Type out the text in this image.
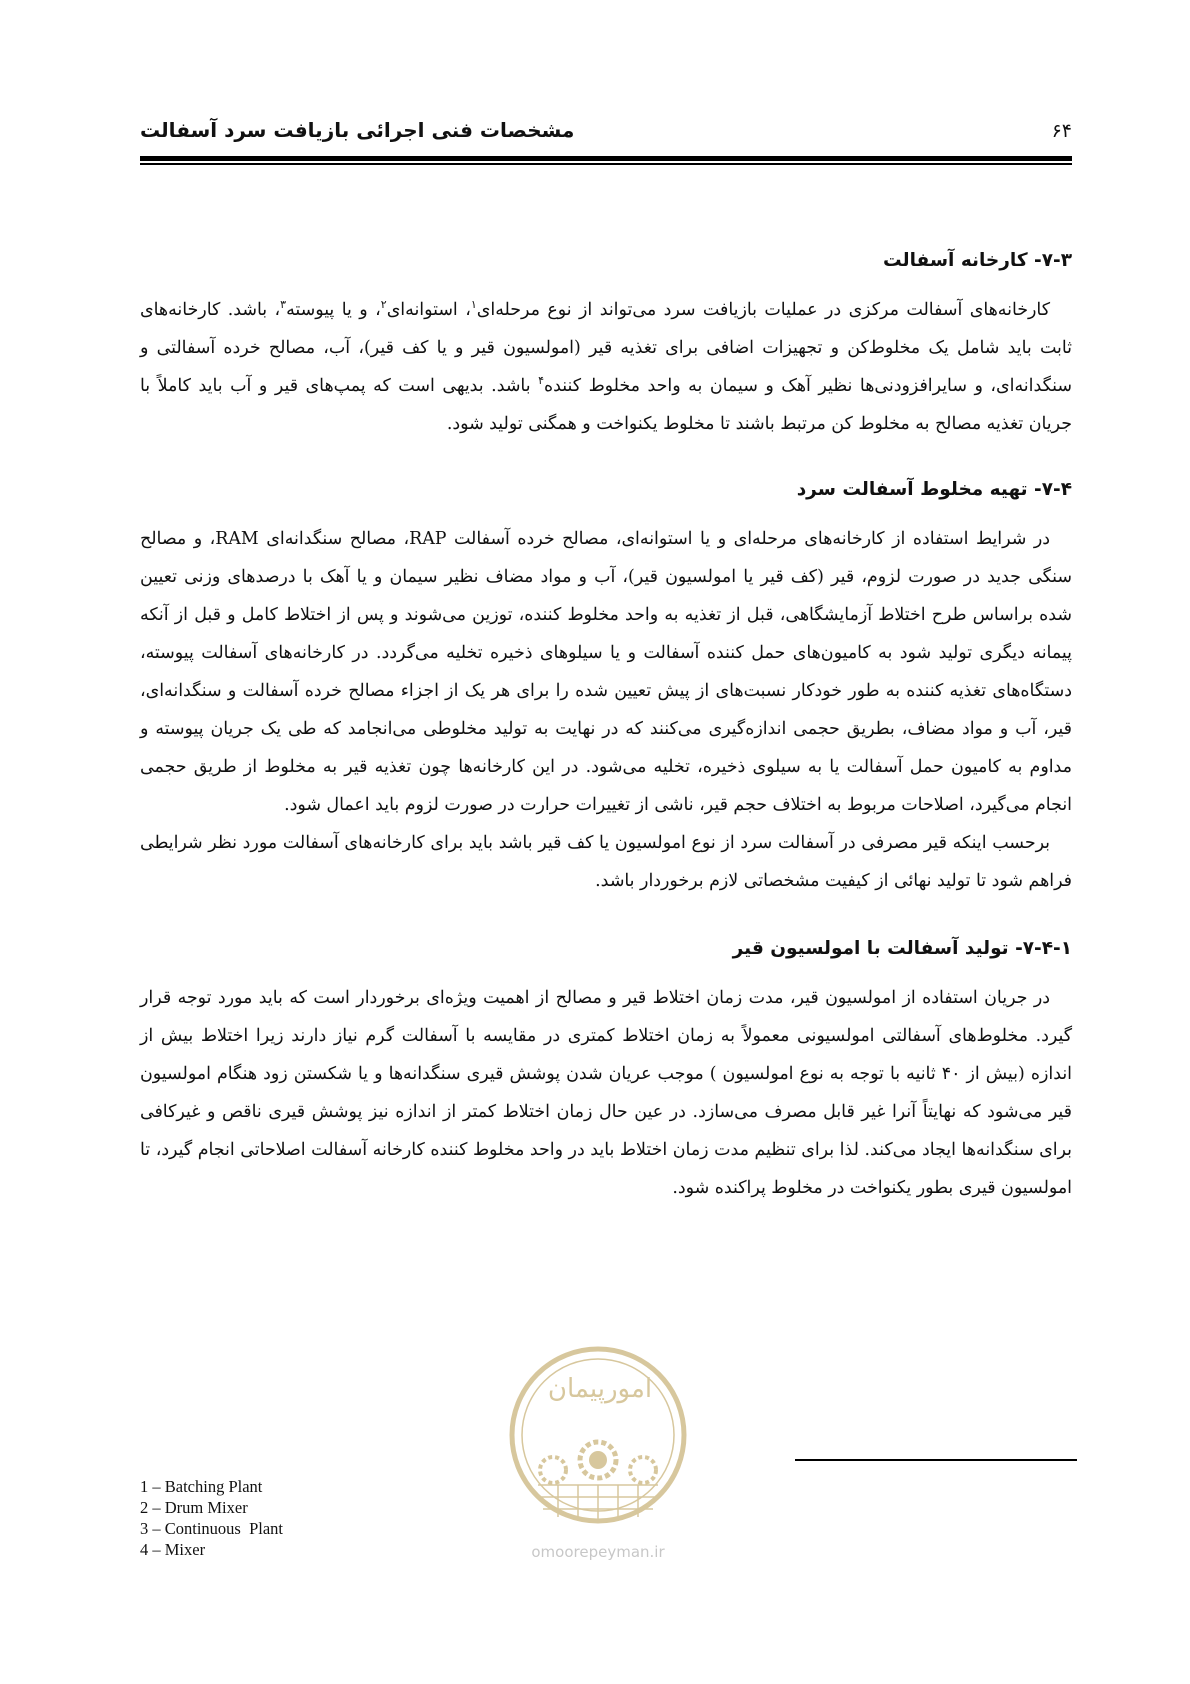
مشخصات فنی اجرائی بازیافت سرد آسفالت	۶۴
۷-۳- کارخانه آسفالت

کارخانه‌های آسفالت مرکزی در عملیات بازیافت سرد می‌تواند از نوع مرحله‌ای$^۱$، استوانه‌ای$^۲$، و یا پیوسته$^۳$، باشد. کارخانه‌های ثابت باید شامل یک مخلوط‌کن و تجهیزات اضافی برای تغذیه قیر (امولسیون قیر و یا کف قیر)، آب، مصالح خرده آسفالتی و سنگدانه‌ای، و سایرافزودنی‌ها نظیر آهک و سیمان به واحد مخلوط کننده$^۴$ باشد. بدیهی است که پمپ‌های قیر و آب باید کاملاً با جریان تغذیه مصالح به مخلوط کن مرتبط باشند تا مخلوط یکنواخت و همگنی تولید شود.

۷-۴- تهیه مخلوط آسفالت سرد

در شرایط استفاده از کارخانه‌های مرحله‌ای و یا استوانه‌ای، مصالح خرده آسفالت RAP، مصالح سنگدانه‌ای RAM، و مصالح سنگی جدید در صورت لزوم، قیر (کف قیر یا امولسیون قیر)، آب و مواد مضاف نظیر سیمان و یا آهک با درصدهای وزنی تعیین شده براساس طرح اختلاط آزمایشگاهی، قبل از تغذیه به واحد مخلوط کننده، توزین می‌شوند و پس از اختلاط کامل و قبل از آنکه پیمانه دیگری تولید شود به کامیون‌های حمل کننده آسفالت و یا سیلوهای ذخیره تخلیه می‌گردد. در کارخانه‌های آسفالت پیوسته، دستگاه‌های تغذیه کننده به طور خودکار نسبت‌های از پیش تعیین شده را برای هر یک از اجزاء مصالح خرده آسفالت و سنگدانه‌ای، قیر، آب و مواد مضاف، بطریق حجمی اندازه‌گیری می‌کنند که در نهایت به تولید مخلوطی می‌انجامد که طی یک جریان پیوسته و مداوم به کامیون حمل آسفالت یا به سیلوی ذخیره، تخلیه می‌شود. در این کارخانه‌ها چون تغذیه قیر به مخلوط از طریق حجمی انجام می‌گیرد، اصلاحات مربوط به اختلاف حجم قیر، ناشی از تغییرات حرارت در صورت لزوم باید اعمال شود.

برحسب اینکه قیر مصرفی در آسفالت سرد از نوع امولسیون یا کف قیر باشد باید برای کارخانه‌های آسفالت مورد نظر شرایطی فراهم شود تا تولید نهائی از کیفیت مشخصاتی لازم برخوردار باشد.

۷-۴-۱- تولید آسفالت با امولسیون قیر

در جریان استفاده از امولسیون قیر، مدت زمان اختلاط قیر و مصالح از اهمیت ویژه‌ای برخوردار است که باید مورد توجه قرار گیرد. مخلوط‌های آسفالتی امولسیونی معمولاً به زمان اختلاط کمتری در مقایسه با آسفالت گرم نیاز دارند زیرا اختلاط بیش از اندازه (بیش از ۴۰ ثانیه با توجه به نوع امولسیون ) موجب عریان شدن پوشش قیری سنگدانه‌ها و یا شکستن زود هنگام امولسیون قیر می‌شود که نهایتاً آنرا غیر قابل مصرف می‌سازد. در عین حال زمان اختلاط کمتر از اندازه نیز پوشش قیری ناقص و غیرکافی برای سنگدانه‌ها ایجاد می‌کند. لذا برای تنظیم مدت زمان اختلاط باید در واحد مخلوط کننده کارخانه آسفالت اصلاحاتی انجام گیرد، تا امولسیون قیری بطور یکنواخت در مخلوط پراکنده شود.

امورپیمان
omoorepeyman.ir
1 – Batching Plant
2 – Drum Mixer
3 – Continuous  Plant
4 – Mixer
